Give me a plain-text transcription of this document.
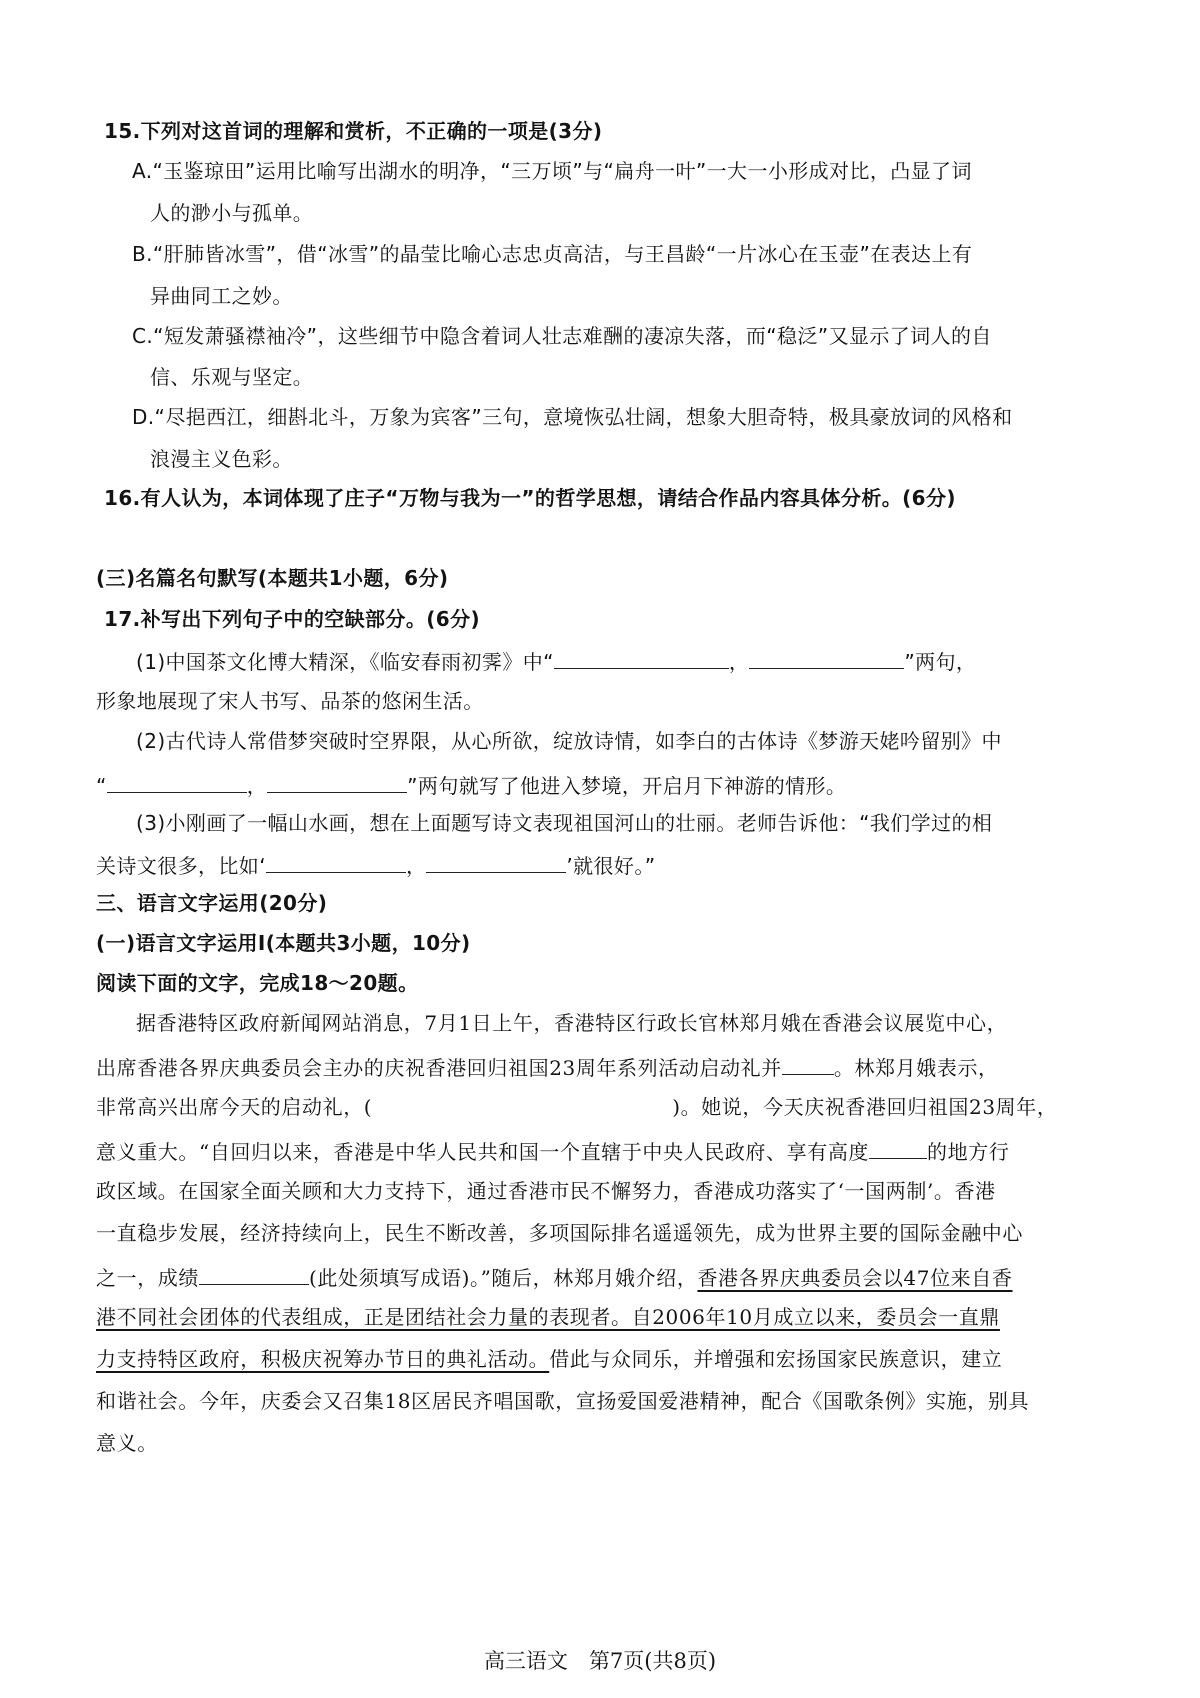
15.下列对这首词的理解和赏析，不正确的一项是(3分)
A.“玉鉴琼田”运用比喻写出湖水的明净，“三万顷”与“扁舟一叶”一大一小形成对比，凸显了词
人的渺小与孤单。
B.“肝肺皆冰雪”，借“冰雪”的晶莹比喻心志忠贞高洁，与王昌龄“一片冰心在玉壶”在表达上有
异曲同工之妙。
C.“短发萧骚襟袖冷”，这些细节中隐含着词人壮志难酬的凄凉失落，而“稳泛”又显示了词人的自
信、乐观与坚定。
D.“尽挹西江，细斟北斗，万象为宾客”三句，意境恢弘壮阔，想象大胆奇特，极具豪放词的风格和
浪漫主义色彩。
16.有人认为，本词体现了庄子“万物与我为一”的哲学思想，请结合作品内容具体分析。(6分)
(三)名篇名句默写(本题共1小题，6分)
17.补写出下列句子中的空缺部分。(6分)
(1)中国茶文化博大精深，《临安春雨初霁》中“	，	”两句，
形象地展现了宋人书写、品茶的悠闲生活。
(2)古代诗人常借梦突破时空界限，从心所欲，绽放诗情，如李白的古体诗《梦游天姥吟留别》中
“	，	”两句就写了他进入梦境，开启月下神游的情形。
(3)小刚画了一幅山水画，想在上面题写诗文表现祖国河山的壮丽。老师告诉他：“我们学过的相
关诗文很多，比如‘	，	’就很好。”
三、语言文字运用(20分)
(一)语言文字运用Ⅰ(本题共3小题，10分)
阅读下面的文字，完成18～20题。
据香港特区政府新闻网站消息，7月1日上午，香港特区行政长官林郑月娥在香港会议展览中心，
出席香港各界庆典委员会主办的庆祝香港回归祖国23周年系列活动启动礼并	。林郑月娥表示，
非常高兴出席今天的启动礼，(	)。她说，今天庆祝香港回归祖国23周年，
意义重大。“自回归以来，香港是中华人民共和国一个直辖于中央人民政府、享有高度	的地方行
政区域。在国家全面关顾和大力支持下，通过香港市民不懈努力，香港成功落实了‘一国两制’。香港
一直稳步发展，经济持续向上，民生不断改善，多项国际排名遥遥领先，成为世界主要的国际金融中心
之一，成绩	(此处须填写成语)。”随后，林郑月娥介绍，香港各界庆典委员会以47位来自香
港不同社会团体的代表组成，正是团结社会力量的表现者。自2006年10月成立以来，委员会一直鼎
力支持特区政府，积极庆祝筹办节日的典礼活动。借此与众同乐，并增强和宏扬国家民族意识，建立
和谐社会。今年，庆委会又召集18区居民齐唱国歌，宣扬爱国爱港精神，配合《国歌条例》实施，别具
意义。
高三语文　第7页(共8页)
